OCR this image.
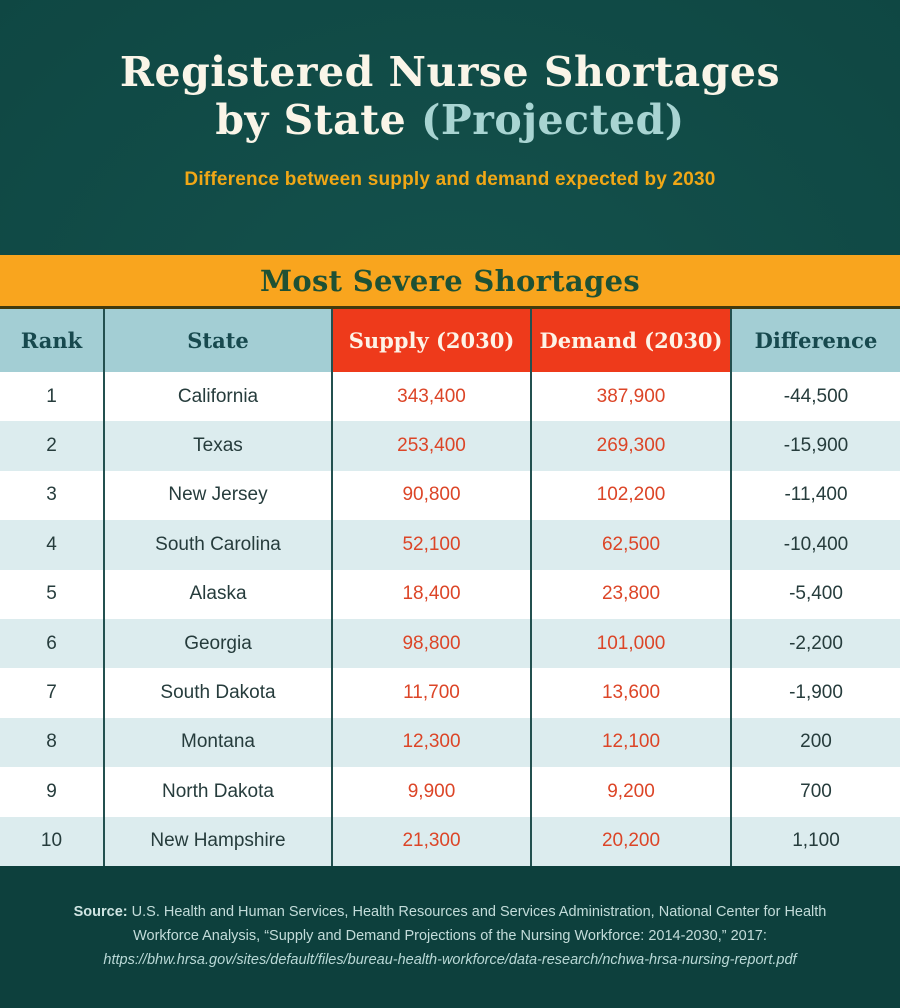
Registered Nurse Shortages
by State (Projected)
Difference between supply and demand expected by 2030
Most Severe Shortages
Rank	State	Supply (2030)	Demand (2030)	Difference
1	California	343,400	387,900	-44,500
2	Texas	253,400	269,300	-15,900
3	New Jersey	90,800	102,200	-11,400
4	South Carolina	52,100	62,500	-10,400
5	Alaska	18,400	23,800	-5,400
6	Georgia	98,800	101,000	-2,200
7	South Dakota	11,700	13,600	-1,900
8	Montana	12,300	12,100	200
9	North Dakota	9,900	9,200	700
10	New Hampshire	21,300	20,200	1,100

Source: U.S. Health and Human Services, Health Resources and Services Administration, National Center for Health Workforce Analysis, “Supply and Demand Projections of the Nursing Workforce: 2014-2030,” 2017:

https://bhw.hrsa.gov/sites/default/files/bureau-health-workforce/data-research/nchwa-hrsa-nursing-report.pdf
